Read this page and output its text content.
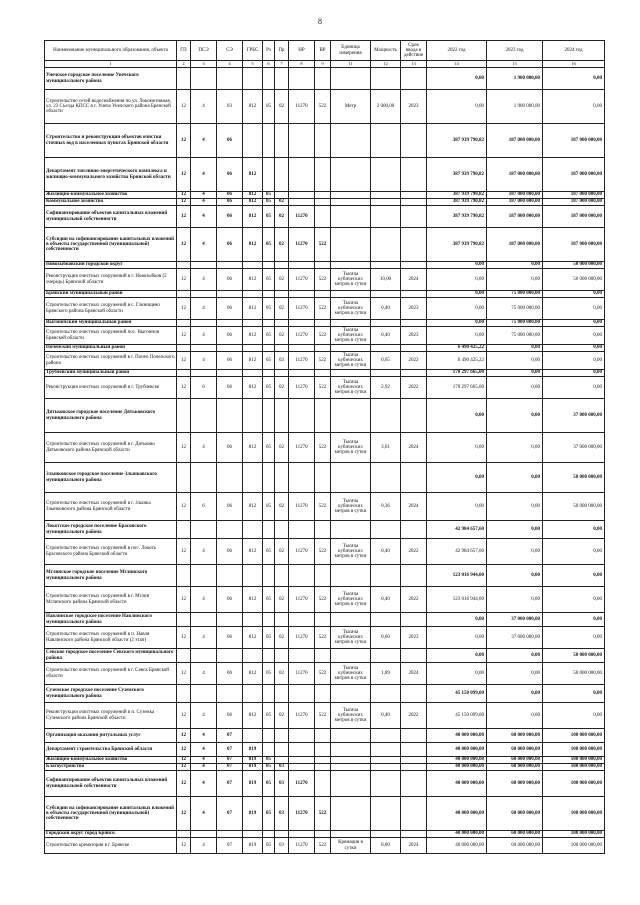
8
Наименование муниципального образования, объекта	ГП	ПСЭ	СЭ	ГРБС	Рз	Пр	НР	ВР	Единица измерения	Мощность	Срок ввода в действие	2022 год	2023 год	2024 год
1	2	3	4	5	6	7	8	9	11	12	13	14	15	16
Унечское городское поселение Унечского муниципального района												0,00	1 900 000,00	0,00
Строительство сетей водоснабжения по ул. Локомотивная, ул. 23 Съезда КПСС в г. Унеча Унечского района Брянской области	12	4	03	812	05	02	11270	522	Метр	2 000,00	2023	0,00	1 900 000,00	0,00
Строительство и реконструкция объектов очистки сточных вод в населенных пунктах Брянской области	12	4	06									387 939 790,82	187 000 000,00	187 000 000,00
Департамент топливно-энергетического комплекса и жилищно-коммунального хозяйства Брянской области	12	4	06	812								387 939 790,82	187 000 000,00	187 000 000,00
Жилищно-коммунальное хозяйство	12	4	06	812	05							387 939 790,82	187 000 000,00	187 000 000,00
Коммунальное хозяйство	12	4	06	812	05	02						387 939 790,82	187 000 000,00	187 000 000,00
Софинансирование объектов капитальных вложений муниципальной собственности	12	4	06	812	05	02	11270					387 939 790,82	187 000 000,00	187 000 000,00
Субсидии на софинансирование капитальных вложений в объекты государственной (муниципальной) собственности	12	4	06	812	05	02	11270	522				387 939 790,82	187 000 000,00	187 000 000,00
Новозыбковский городской округ												0,00	0,00	50 000 000,00
Реконструкция очистных сооружений в г. Новозыбков (2 очередь) Брянской области	12	4	06	812	05	02	11270	522	Тысяча кубических метров в сутки	10,00	2024	0,00	0,00	50 000 000,00
Брянский муниципальный район												0,00	75 000 000,00	0,00
Строительство очистных сооружений в с. Глинищево Брянского района Брянской области	12	4	06	812	05	02	11270	522	Тысяча кубических метров в сутки	0,40	2023	0,00	75 000 000,00	0,00
Выгоничский муниципальный район												0,00	75 000 000,00	0,00
Строительство очистных сооружений пос. Выгоничи Брянской области	12	4	06	812	05	02	11270	522	Тысяча кубических метров в сутки	0,40	2023	0,00	75 000 000,00	0,00
Почепский муниципальный район												6 490 425,22	0,00	0,00
Строительство очистных сооружений в г. Почеп Почепского района	12	4	06	812	05	02	11270	522	Тысяча кубических метров в сутки	0,65	2022	6 490 425,22	0,00	0,00
Трубчевский муниципальный район												170 297 665,00	0,00	0,00
Реконструкция очистных сооружений в г. Трубчевске	12	6	06	812	05	02	11270	522	Тысяча кубических метров в сутки	2,92	2022	170 297 665,00	0,00	0,00
Дятьковское городское поселение Дятьковского муниципального района												0,00	0,00	37 000 000,00
Строительство очистных сооружений в г. Дятьково Дятьковского района Брянской области	12	4	06	812	05	02	11270	522	Тысяча кубических метров в сутки	3,61	2024	0,00	0,00	37 000 000,00
Злынковское городское поселение Злынковского муниципального района												0,00	0,00	50 000 000,00
Строительство очистных сооружений в г. Злынка Злынковского района Брянской области	12	6	06	812	05	02	11270	522	Тысяча кубических метров в сутки	0,36	2024	0,00	0,00	50 000 000,00
Локотское городское поселение Брасовского муниципального района												42 984 657,60	0,00	0,00
Строительство очистных сооружений в пос. Локоть Брасовского района Брянской области	12	4	06	812	05	02	11270	522	Тысяча кубических метров в сутки	0,40	2022	42 984 657,60	0,00	0,00
Мглинское городское поселение Мглинского муниципального района												123 016 944,00	0,00	0,00
Строительство очистных сооружений в г. Мглин Мглинского района Брянской области	12	4	06	812	05	02	11270	522	Тысяча кубических метров в сутки	0,40	2022	123 016 944,00	0,00	0,00
Навлинское городское поселение Навлинского муниципального района												0,00	37 000 000,00	0,00
Строительство очистных сооружений в п. Навля Навлинского района Брянской области (2 этап)	12	4	06	812	05	02	11270	522	Тысяча кубических метров в сутки	0,60	2023	0,00	37 000 000,00	0,00
Севское городское поселение Севского муниципального района												0,00	0,00	50 000 000,00
Строительство очистных сооружений в г. Севск Брянской области	12	4	06	812	05	02	11270	522	Тысяча кубических метров в сутки	1,89	2024	0,00	0,00	50 000 000,00
Суземское городское поселение Суземского муниципального района												45 150 099,00	0,00	0,00
Реконструкция очистных сооружений в п. Суземка Суземского района Брянской области	12	4	06	812	05	02	11270	522	Тысяча кубических метров в сутки	0,40	2022	45 150 099,00	0,00	0,00
Организация оказания ритуальных услуг	12	4	07									40 000 000,00	60 000 000,00	100 000 000,00
Департамент строительства Брянской области	12	4	07	819								40 000 000,00	60 000 000,00	100 000 000,00
Жилищно-коммунальное хозяйство	12	4	07	819	05							40 000 000,00	60 000 000,00	100 000 000,00
Благоустройство	12	4	07	819	05	03						40 000 000,00	60 000 000,00	100 000 000,00
Софинансирование объектов капитальных вложений муниципальной собственности	12	4	07	819	05	03	11270					40 000 000,00	60 000 000,00	100 000 000,00
Субсидии на софинансирование капитальных вложений в объекты государственной (муниципальной) собственности	12	4	07	819	05	03	11270	522				40 000 000,00	60 000 000,00	100 000 000,00
Городской округ город Брянск												40 000 000,00	60 000 000,00	100 000 000,00
Строительство крематория в г. Брянске	12	4	07	819	05	03	11270	522	Кремация в сутки	8,00	2024	40 000 000,00	60 000 000,00	100 000 000,00
